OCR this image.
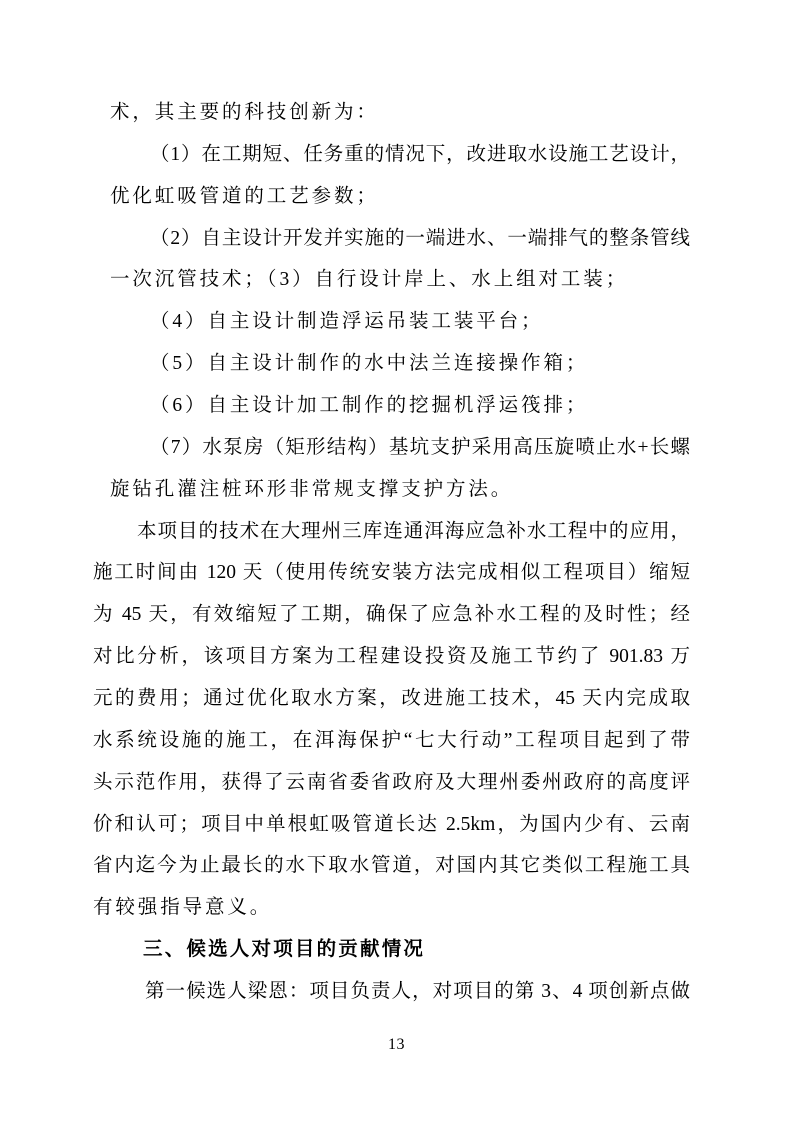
术，其主要的科技创新为：
（1）在工期短、任务重的情况下，改进取水设施工艺设计，
优化虹吸管道的工艺参数；
（2）自主设计开发并实施的一端进水、一端排气的整条管线
一次沉管技术；（3）自行设计岸上、水上组对工装；
（4）自主设计制造浮运吊装工装平台；
（5）自主设计制作的水中法兰连接操作箱；
（6）自主设计加工制作的挖掘机浮运筏排；
（7）水泵房（矩形结构）基坑支护采用高压旋喷止水+长螺
旋钻孔灌注桩环形非常规支撑支护方法。
本项目的技术在大理州三库连通洱海应急补水工程中的应用，
施工时间由 120 天（使用传统安装方法完成相似工程项目）缩短
为 45 天，有效缩短了工期，确保了应急补水工程的及时性；经
对比分析，该项目方案为工程建设投资及施工节约了 901.83 万
元的费用；通过优化取水方案，改进施工技术，45 天内完成取
水系统设施的施工，在洱海保护“七大行动”工程项目起到了带
头示范作用，获得了云南省委省政府及大理州委州政府的高度评
价和认可；项目中单根虹吸管道长达 2.5km，为国内少有、云南
省内迄今为止最长的水下取水管道，对国内其它类似工程施工具
有较强指导意义。
三、候选人对项目的贡献情况
第一候选人梁恩：项目负责人，对项目的第 3、4 项创新点做
13
